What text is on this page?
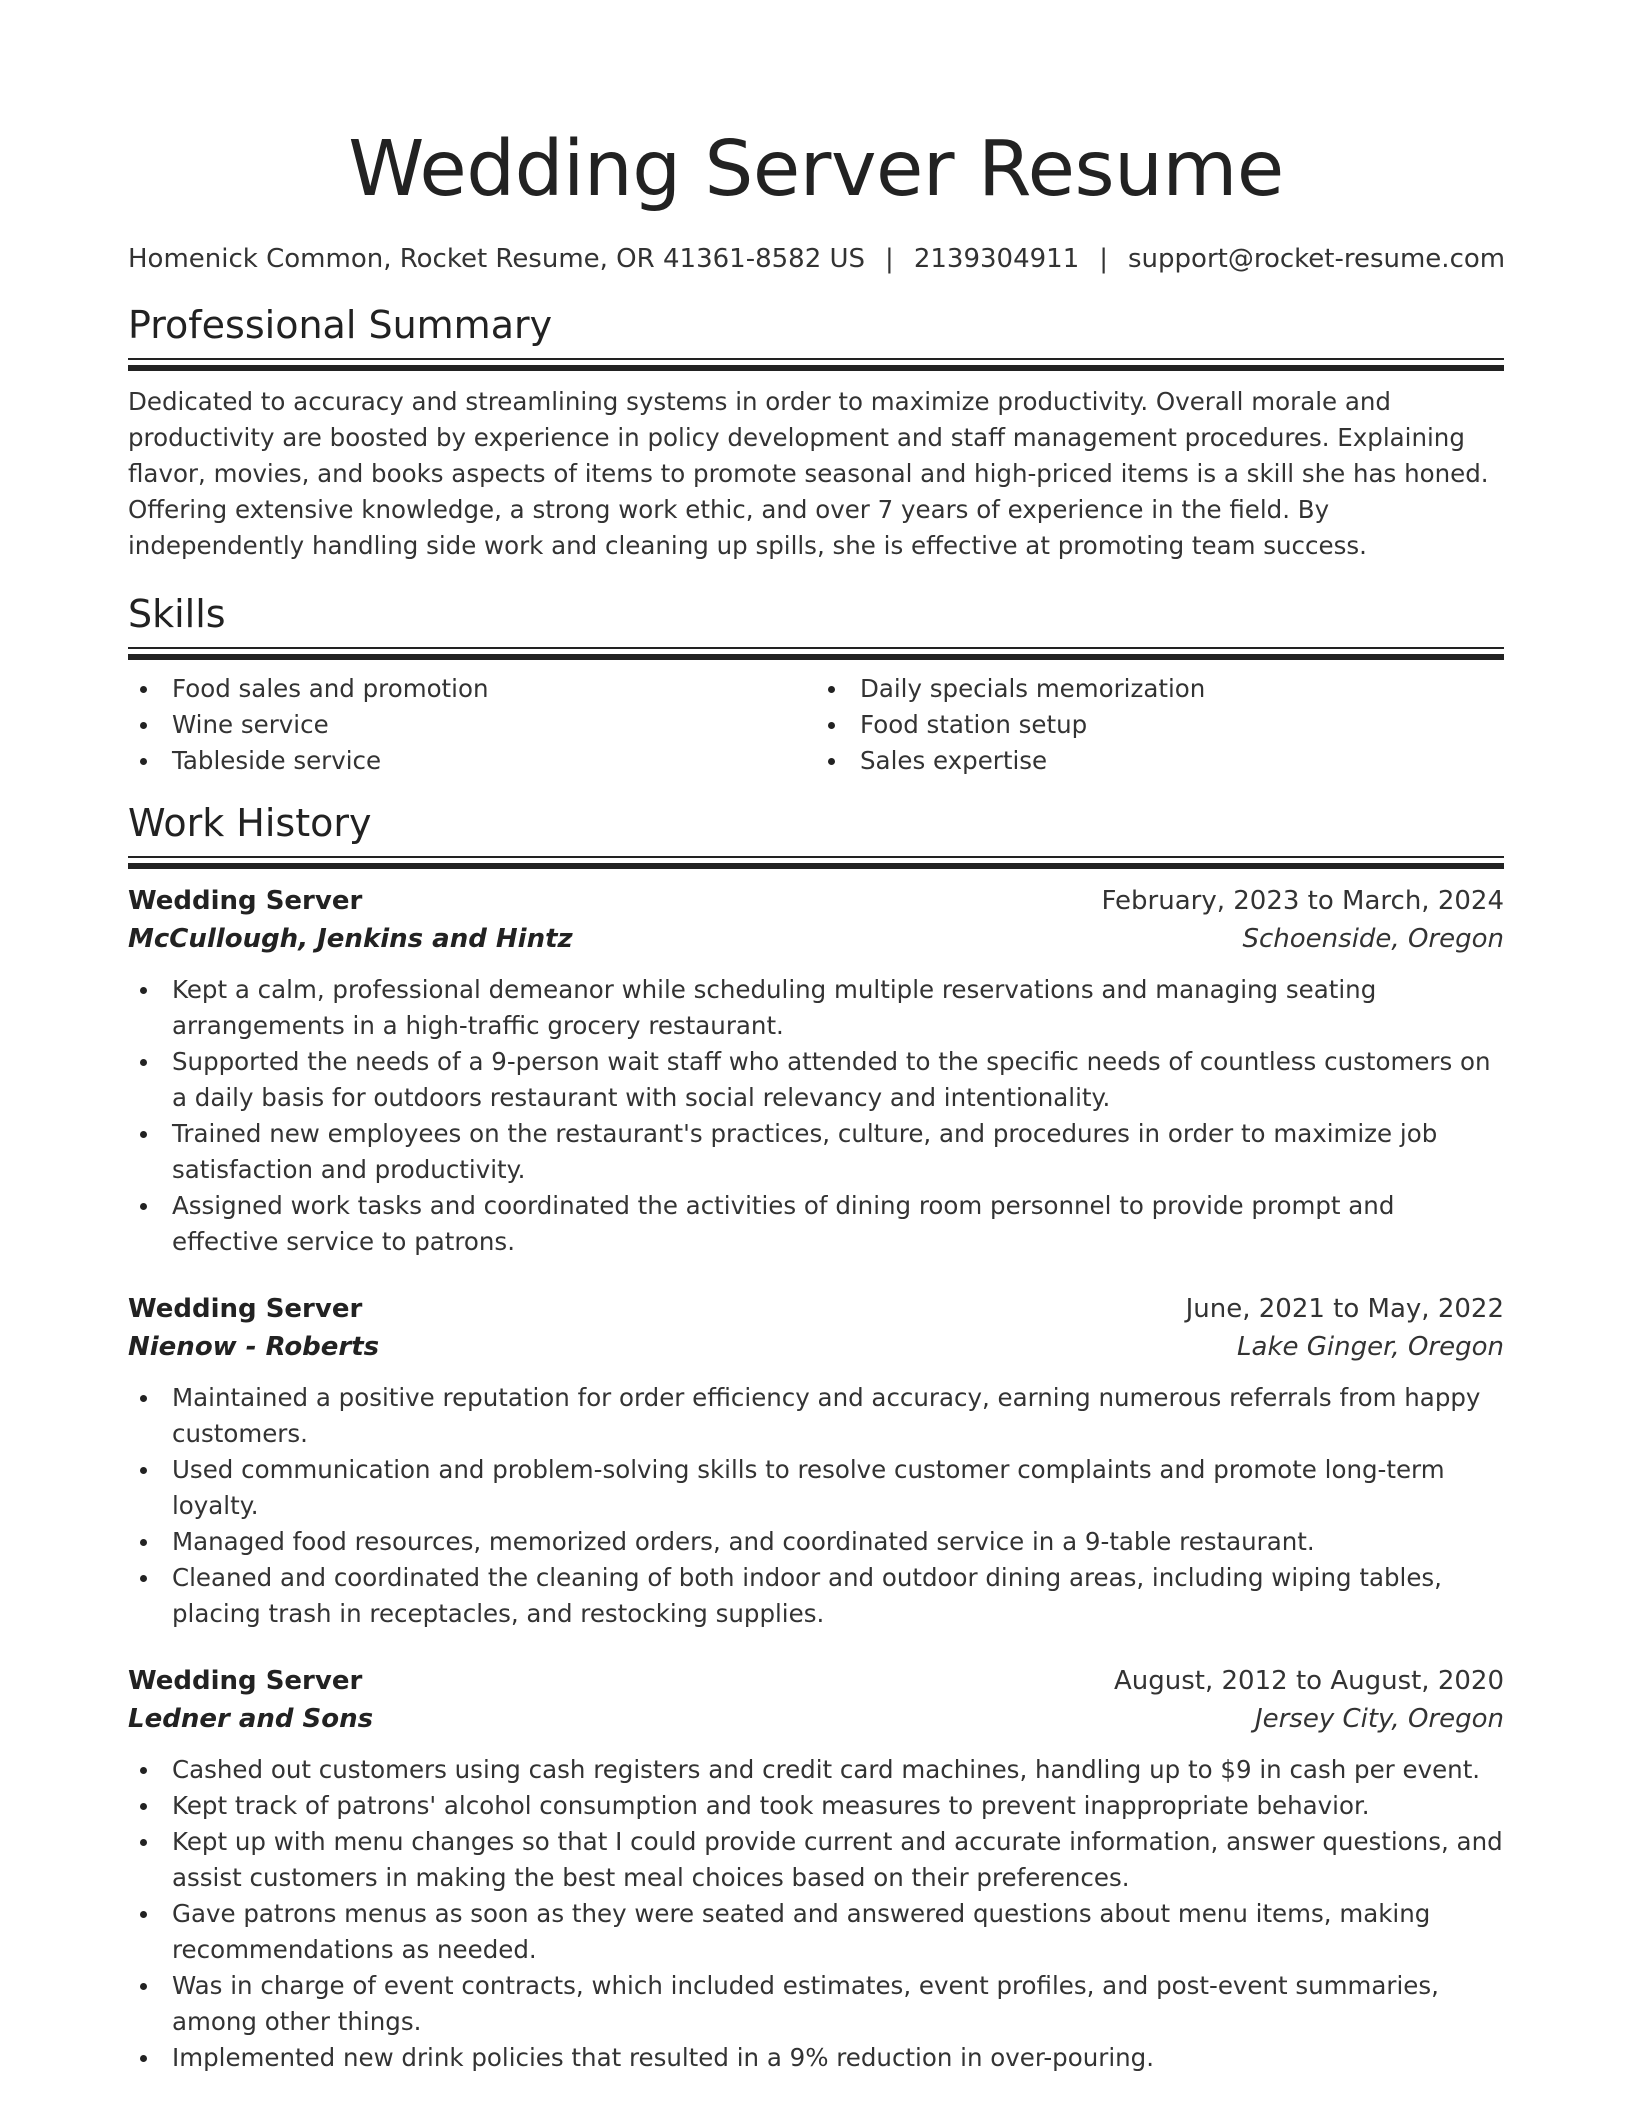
Wedding Server Resume
Homenick Common, Rocket Resume, OR 41361-8582 US | 2139304911 | support@rocket-resume.com
Professional Summary

Dedicated to accuracy and streamlining systems in order to maximize productivity. Overall morale and productivity are boosted by experience in policy development and staff management procedures. Explaining flavor, movies, and books aspects of items to promote seasonal and high-priced items is a skill she has honed. Offering extensive knowledge, a strong work ethic, and over 7 years of experience in the field. By independently handling side work and cleaning up spills, she is effective at promoting team success.

Skills
Food sales and promotion
Wine service
Tableside service
Daily specials memorization
Food station setup
Sales expertise
Work History
Wedding Server	February, 2023 to March, 2024
McCullough, Jenkins and Hintz	Schoenside, Oregon
Kept a calm, professional demeanor while scheduling multiple reservations and managing seating arrangements in a high-traffic grocery restaurant.
Supported the needs of a 9-person wait staff who attended to the specific needs of countless customers on a daily basis for outdoors restaurant with social relevancy and intentionality.
Trained new employees on the restaurant's practices, culture, and procedures in order to maximize job satisfaction and productivity.
Assigned work tasks and coordinated the activities of dining room personnel to provide prompt and effective service to patrons.
Wedding Server	June, 2021 to May, 2022
Nienow - Roberts	Lake Ginger, Oregon
Maintained a positive reputation for order efficiency and accuracy, earning numerous referrals from happy customers.
Used communication and problem-solving skills to resolve customer complaints and promote long-term loyalty.
Managed food resources, memorized orders, and coordinated service in a 9-table restaurant.
Cleaned and coordinated the cleaning of both indoor and outdoor dining areas, including wiping tables, placing trash in receptacles, and restocking supplies.
Wedding Server	August, 2012 to August, 2020
Ledner and Sons	Jersey City, Oregon
Cashed out customers using cash registers and credit card machines, handling up to $9 in cash per event.
Kept track of patrons' alcohol consumption and took measures to prevent inappropriate behavior.
Kept up with menu changes so that I could provide current and accurate information, answer questions, and assist customers in making the best meal choices based on their preferences.
Gave patrons menus as soon as they were seated and answered questions about menu items, making recommendations as needed.
Was in charge of event contracts, which included estimates, event profiles, and post-event summaries, among other things.
Implemented new drink policies that resulted in a 9% reduction in over-pouring.
